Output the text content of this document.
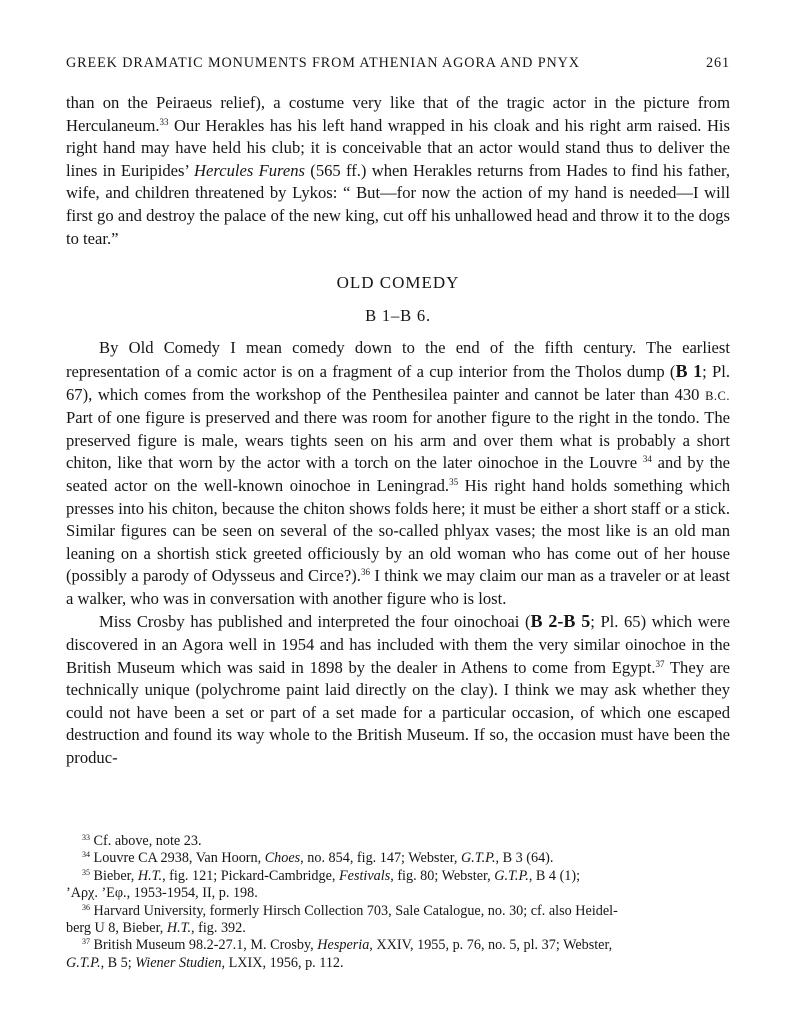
GREEK DRAMATIC MONUMENTS FROM ATHENIAN AGORA AND PNYX	261

than on the Peiraeus relief), a costume very like that of the tragic actor in the picture from Herculaneum.$^{33}$ Our Herakles has his left hand wrapped in his cloak and his right arm raised. His right hand may have held his club; it is conceivable that an actor would stand thus to deliver the lines in Euripides’ Hercules Furens (565 ff.) when Herakles returns from Hades to find his father, wife, and children threatened by Lykos: “ But—for now the action of my hand is needed—I will first go and destroy the palace of the new king, cut off his unhallowed head and throw it to the dogs to tear.”

OLD COMEDY
B 1–B 6.

By Old Comedy I mean comedy down to the end of the fifth century. The earliest representation of a comic actor is on a fragment of a cup interior from the Tholos dump (B 1; Pl. 67), which comes from the workshop of the Penthesilea painter and cannot be later than 430 B.C. Part of one figure is preserved and there was room for another figure to the right in the tondo. The preserved figure is male, wears tights seen on his arm and over them what is probably a short chiton, like that worn by the actor with a torch on the later oinochoe in the Louvre $^{34}$ and by the seated actor on the well-known oinochoe in Leningrad.$^{35}$ His right hand holds something which presses into his chiton, because the chiton shows folds here; it must be either a short staff or a stick. Similar figures can be seen on several of the so-called phlyax vases; the most like is an old man leaning on a shortish stick greeted officiously by an old woman who has come out of her house (possibly a parody of Odysseus and Circe?).$^{36}$ I think we may claim our man as a traveler or at least a walker, who was in conversation with another figure who is lost.

Miss Crosby has published and interpreted the four oinochoai (B 2-B 5; Pl. 65) which were discovered in an Agora well in 1954 and has included with them the very similar oinochoe in the British Museum which was said in 1898 by the dealer in Athens to come from Egypt.$^{37}$ They are technically unique (polychrome paint laid directly on the clay). I think we may ask whether they could not have been a set or part of a set made for a particular occasion, of which one escaped destruction and found its way whole to the British Museum. If so, the occasion must have been the produc-

$^{33}$ Cf. above, note 23.

$^{34}$ Louvre CA 2938, Van Hoorn, Choes, no. 854, fig. 147; Webster, G.T.P., B 3 (64).

$^{35}$ Bieber, H.T., fig. 121; Pickard-Cambridge, Festivals, fig. 80; Webster, G.T.P., B 4 (1);

’Αρχ. ’Εφ., 1953-1954, II, p. 198.

$^{36}$ Harvard University, formerly Hirsch Collection 703, Sale Catalogue, no. 30; cf. also Heidel-

berg U 8, Bieber, H.T., fig. 392.

$^{37}$ British Museum 98.2-27.1, M. Crosby, Hesperia, XXIV, 1955, p. 76, no. 5, pl. 37; Webster,

G.T.P., B 5; Wiener Studien, LXIX, 1956, p. 112.
